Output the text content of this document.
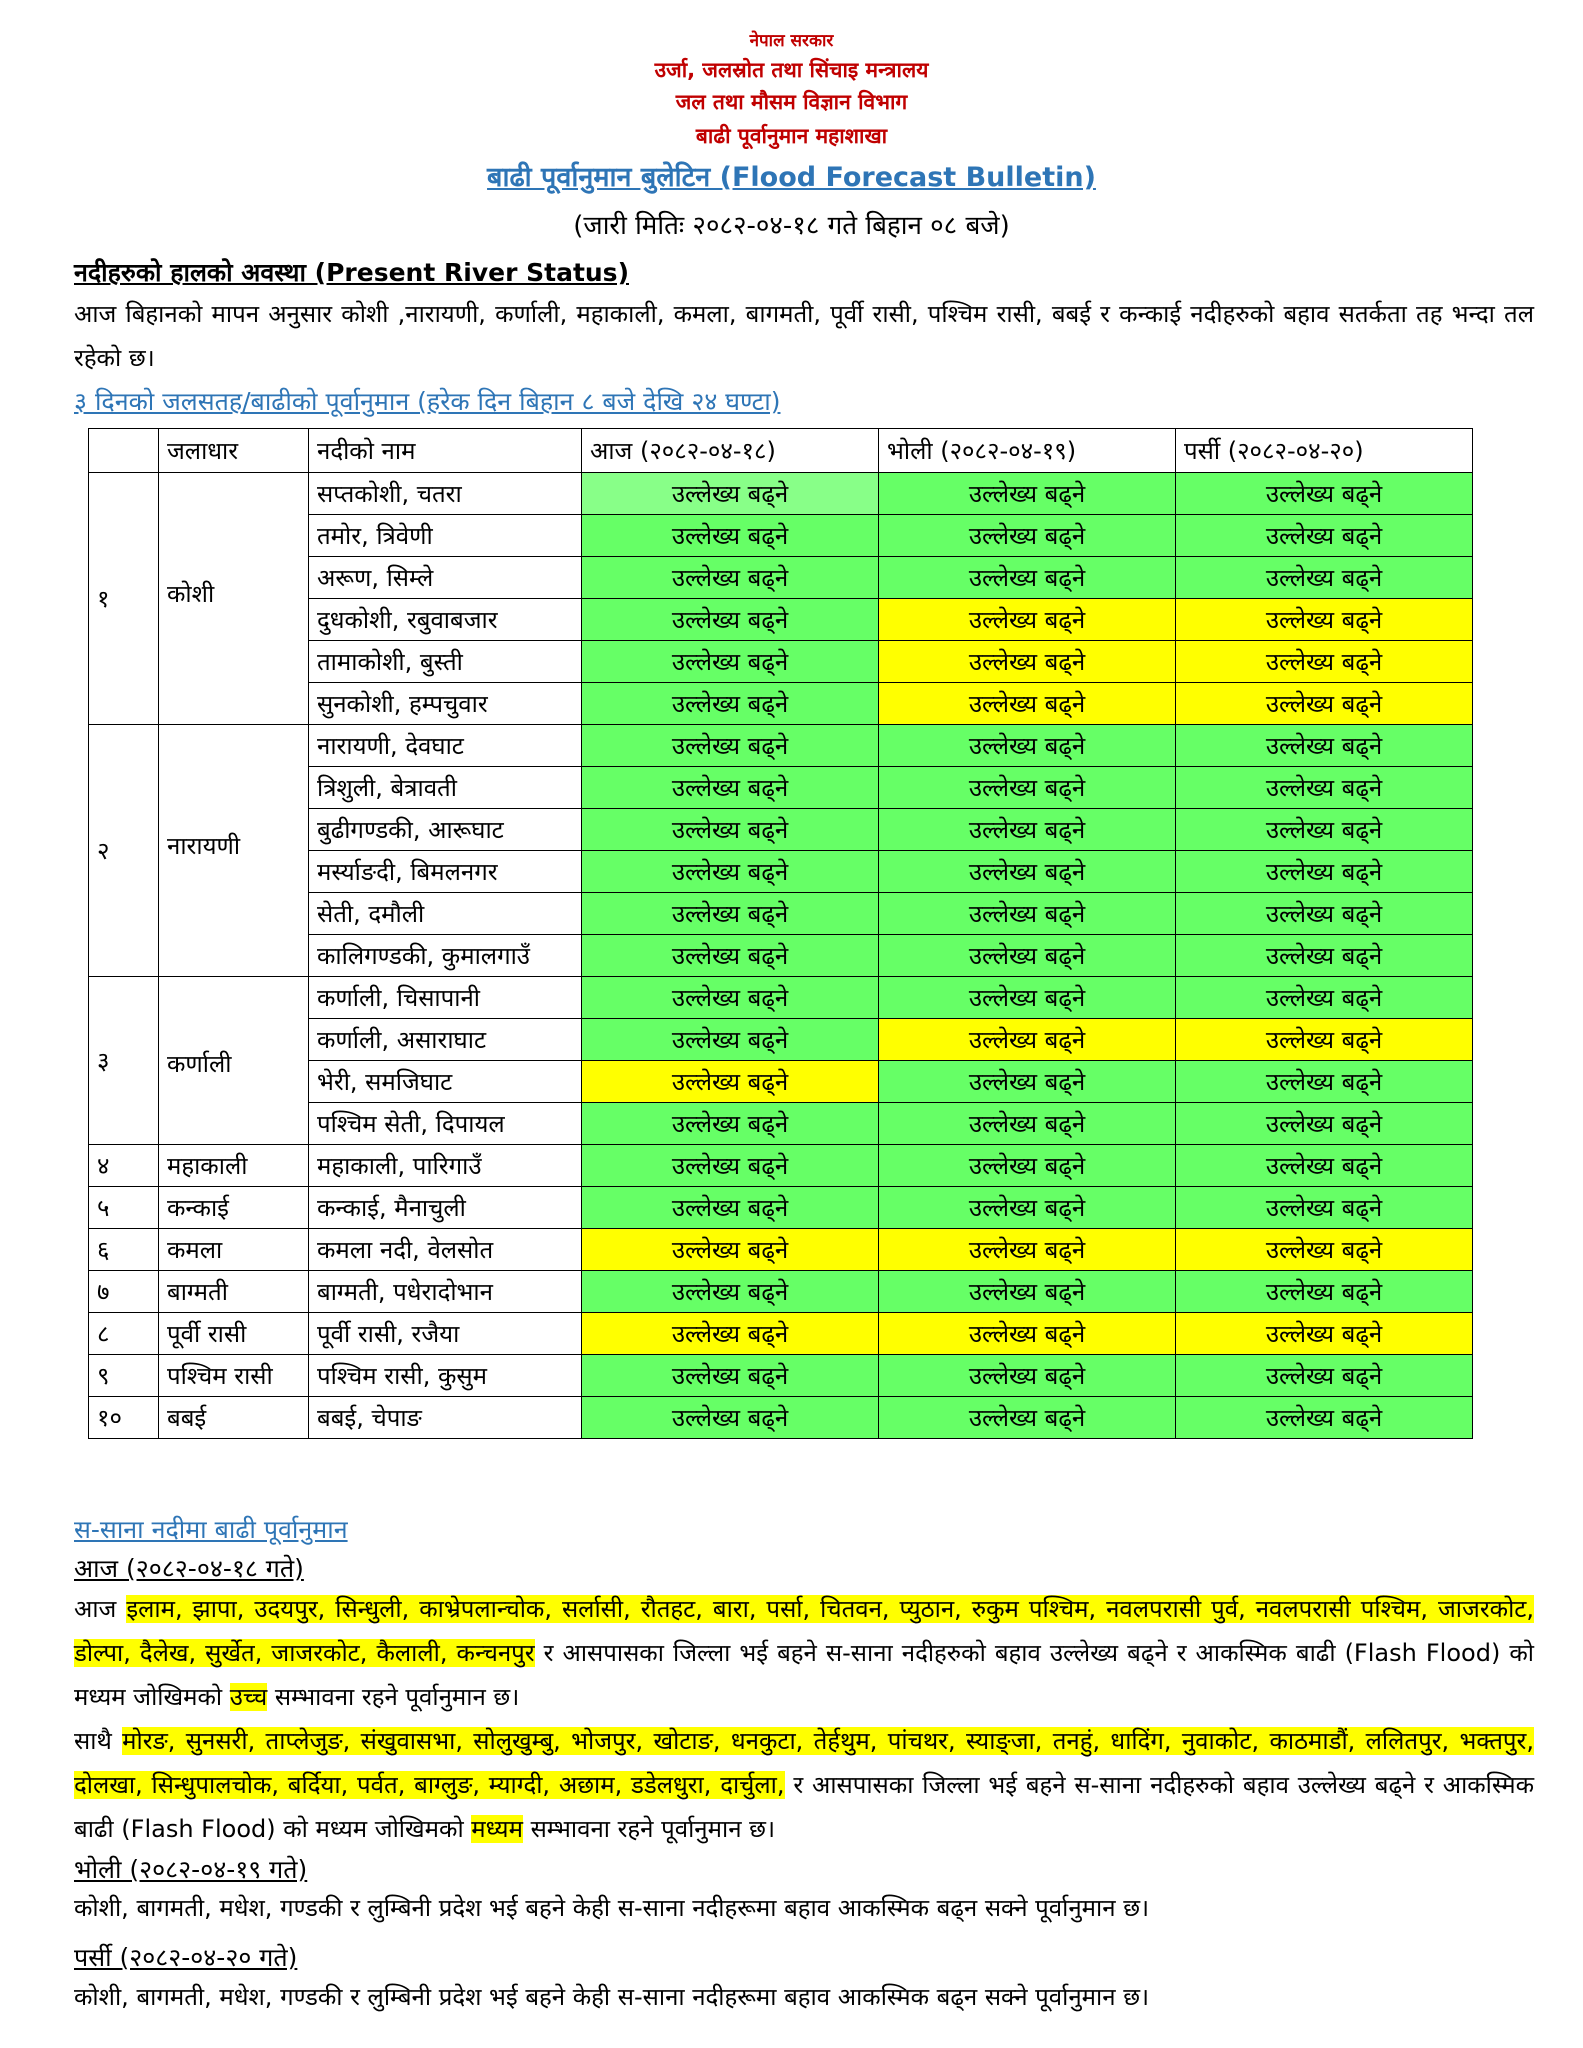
नेपाल सरकार
उर्जा, जलस्रोत तथा सिंचाइ मन्त्रालय
जल तथा मौसम विज्ञान विभाग
बाढी पूर्वानुमान महाशाखा
बाढी पूर्वानुमान बुलेटिन (Flood Forecast Bulletin)
(जारी मितिः २०८२-०४-१८ गते बिहान ०८ बजे)
नदीहरुको हालको अवस्था (Present River Status)
आज बिहानको मापन अनुसार कोशी ,नारायणी, कर्णाली, महाकाली, कमला, बागमती, पूर्वी रासी, पश्चिम रासी, बबई र कन्काई नदीहरुको बहाव सतर्कता तह भन्दा तल रहेको छ।
३ दिनको जलसतह/बाढीको पूर्वानुमान (हरेक दिन बिहान ८ बजे देखि २४ घण्टा)
	जलाधार	नदीको नाम	आज (२०८२-०४-१८)	भोली (२०८२-०४-१९)	पर्सी (२०८२-०४-२०)
१	कोशी	सप्तकोशी, चतरा	उल्लेख्य बढ्ने	उल्लेख्य बढ्ने	उल्लेख्य बढ्ने
		तमोर, त्रिवेणी	उल्लेख्य बढ्ने	उल्लेख्य बढ्ने	उल्लेख्य बढ्ने
		अरूण, सिम्ले	उल्लेख्य बढ्ने	उल्लेख्य बढ्ने	उल्लेख्य बढ्ने
		दुधकोशी, रबुवाबजार	उल्लेख्य बढ्ने	उल्लेख्य बढ्ने	उल्लेख्य बढ्ने
		तामाकोशी, बुस्ती	उल्लेख्य बढ्ने	उल्लेख्य बढ्ने	उल्लेख्य बढ्ने
		सुनकोशी, हम्पचुवार	उल्लेख्य बढ्ने	उल्लेख्य बढ्ने	उल्लेख्य बढ्ने
२	नारायणी	नारायणी, देवघाट	उल्लेख्य बढ्ने	उल्लेख्य बढ्ने	उल्लेख्य बढ्ने
		त्रिशुली, बेत्रावती	उल्लेख्य बढ्ने	उल्लेख्य बढ्ने	उल्लेख्य बढ्ने
		बुढीगण्डकी, आरूघाट	उल्लेख्य बढ्ने	उल्लेख्य बढ्ने	उल्लेख्य बढ्ने
		मर्स्याङदी, बिमलनगर	उल्लेख्य बढ्ने	उल्लेख्य बढ्ने	उल्लेख्य बढ्ने
		सेती, दमौली	उल्लेख्य बढ्ने	उल्लेख्य बढ्ने	उल्लेख्य बढ्ने
		कालिगण्डकी, कुमालगाउँ	उल्लेख्य बढ्ने	उल्लेख्य बढ्ने	उल्लेख्य बढ्ने
३	कर्णाली	कर्णाली, चिसापानी	उल्लेख्य बढ्ने	उल्लेख्य बढ्ने	उल्लेख्य बढ्ने
		कर्णाली, असाराघाट	उल्लेख्य बढ्ने	उल्लेख्य बढ्ने	उल्लेख्य बढ्ने
		भेरी, समजिघाट	उल्लेख्य बढ्ने	उल्लेख्य बढ्ने	उल्लेख्य बढ्ने
		पश्चिम सेती, दिपायल	उल्लेख्य बढ्ने	उल्लेख्य बढ्ने	उल्लेख्य बढ्ने
४	महाकाली	महाकाली, पारिगाउँ	उल्लेख्य बढ्ने	उल्लेख्य बढ्ने	उल्लेख्य बढ्ने
५	कन्काई	कन्काई, मैनाचुली	उल्लेख्य बढ्ने	उल्लेख्य बढ्ने	उल्लेख्य बढ्ने
६	कमला	कमला नदी, वेलसोत	उल्लेख्य बढ्ने	उल्लेख्य बढ्ने	उल्लेख्य बढ्ने
७	बाग्मती	बाग्मती, पधेरादोभान	उल्लेख्य बढ्ने	उल्लेख्य बढ्ने	उल्लेख्य बढ्ने
८	पूर्वी रासी	पूर्वी रासी, रजैया	उल्लेख्य बढ्ने	उल्लेख्य बढ्ने	उल्लेख्य बढ्ने
९	पश्चिम रासी	पश्चिम रासी, कुसुम	उल्लेख्य बढ्ने	उल्लेख्य बढ्ने	उल्लेख्य बढ्ने
१०	बबई	बबई, चेपाङ	उल्लेख्य बढ्ने	उल्लेख्य बढ्ने	उल्लेख्य बढ्ने
स-साना नदीमा बाढी पूर्वानुमान
आज (२०८२-०४-१८ गते)
आज इलाम, झापा, उदयपुर, सिन्धुली, काभ्रेपलान्चोक, सर्लासी, रौतहट, बारा, पर्सा, चितवन, प्युठान, रुकुम पश्चिम, नवलपरासी पुर्व, नवलपरासी पश्चिम, जाजरकोट, डोल्पा, दैलेख, सुर्खेत, जाजरकोट, कैलाली, कन्चनपुर र आसपासका जिल्ला भई बहने स-साना नदीहरुको बहाव उल्लेख्य बढ्ने र आकस्मिक बाढी (Flash Flood) को मध्यम जोखिमको उच्च सम्भावना रहने पूर्वानुमान छ।
साथै मोरङ, सुनसरी, ताप्लेजुङ, संखुवासभा, सोलुखुम्बु, भोजपुर, खोटाङ, धनकुटा, तेर्हथुम, पांचथर, स्याङ्जा, तनहुं, धादिंग, नुवाकोट, काठमाडौं, ललितपुर, भक्तपुर, दोलखा, सिन्धुपालचोक, बर्दिया, पर्वत, बाग्लुङ, म्याग्दी, अछाम, डडेलधुरा, दार्चुला, र आसपासका जिल्ला भई बहने स-साना नदीहरुको बहाव उल्लेख्य बढ्ने र आकस्मिक बाढी (Flash Flood) को मध्यम जोखिमको मध्यम सम्भावना रहने पूर्वानुमान छ।
भोली (२०८२-०४-१९ गते)
कोशी, बागमती, मधेश, गण्डकी र लुम्बिनी प्रदेश भई बहने केही स-साना नदीहरूमा बहाव आकस्मिक बढ्न सक्ने पूर्वानुमान छ।
पर्सी (२०८२-०४-२० गते)
कोशी, बागमती, मधेश, गण्डकी र लुम्बिनी प्रदेश भई बहने केही स-साना नदीहरूमा बहाव आकस्मिक बढ्न सक्ने पूर्वानुमान छ।
